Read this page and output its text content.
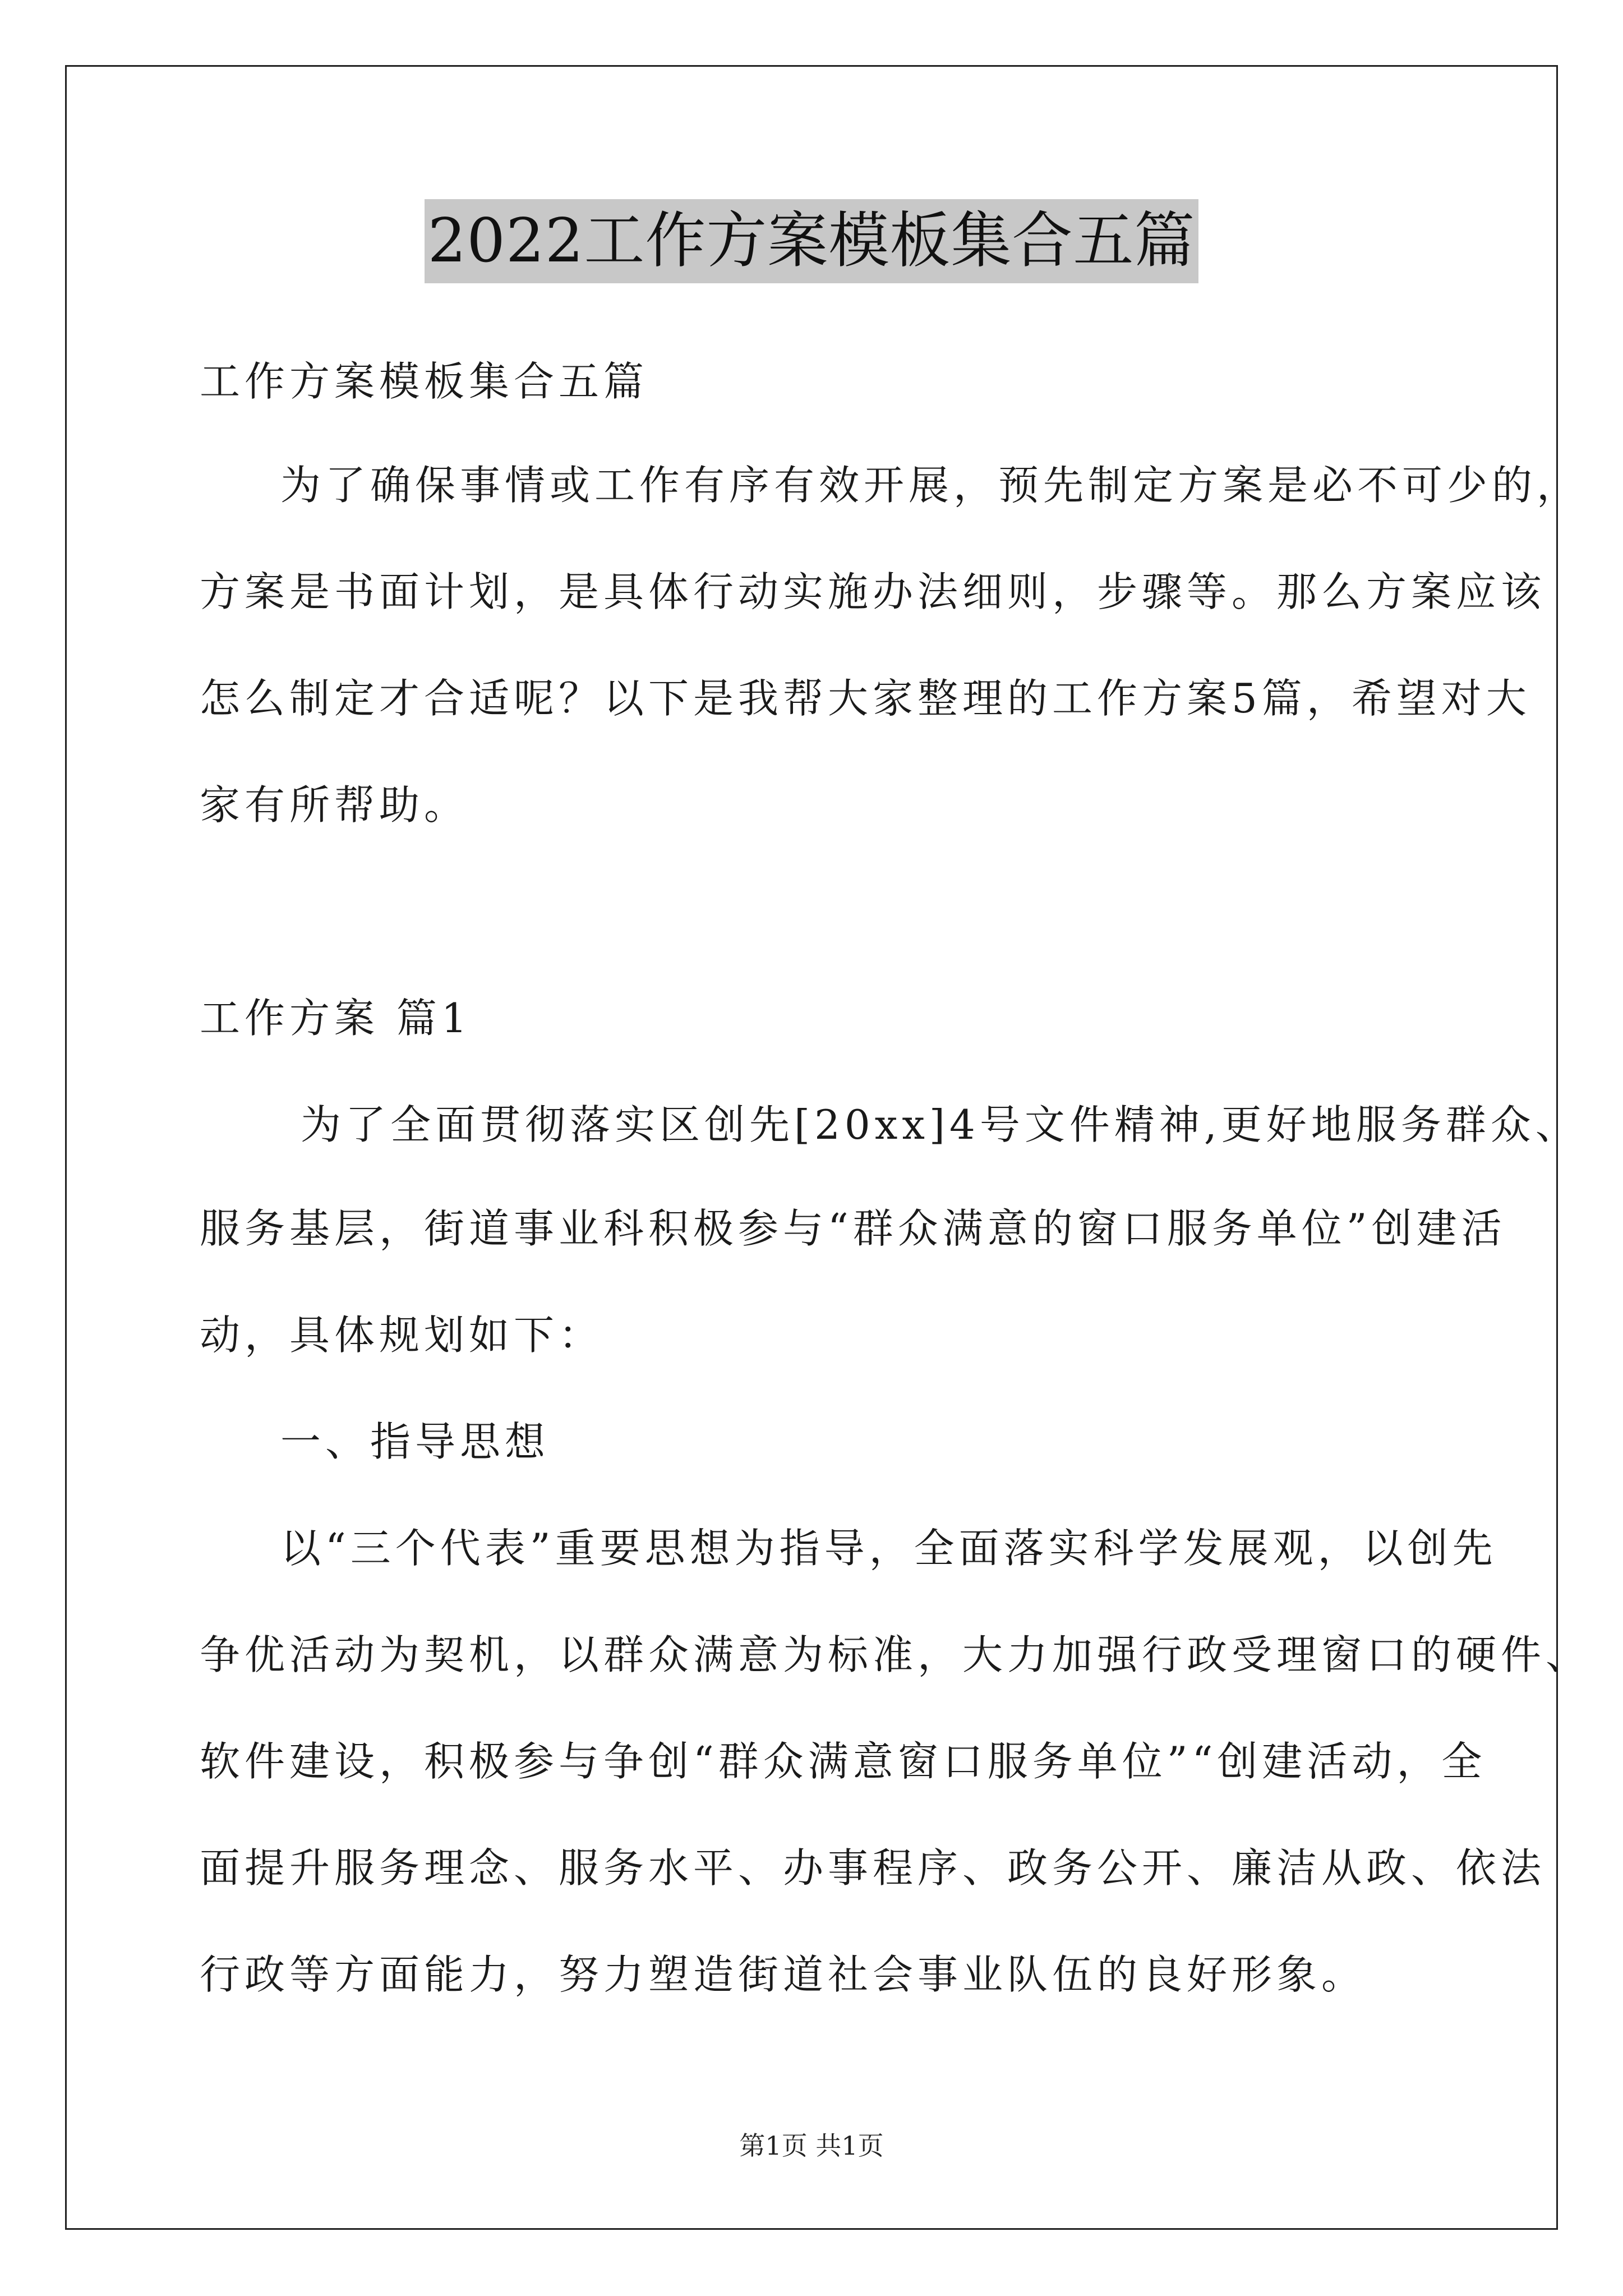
2022工作方案模板集合五篇
工作方案模板集合五篇
为了确保事情或工作有序有效开展，预先制定方案是必不可少的，
方案是书面计划，是具体行动实施办法细则，步骤等。那么方案应该
怎么制定才合适呢？以下是我帮大家整理的工作方案5篇，希望对大
家有所帮助。
工作方案 篇1
为了全面贯彻落实区创先[20xx]4号文件精神,更好地服务群众、
服务基层，街道事业科积极参与“群众满意的窗口服务单位”创建活
动，具体规划如下：
一、指导思想
以“三个代表”重要思想为指导，全面落实科学发展观，以创先
争优活动为契机，以群众满意为标准，大力加强行政受理窗口的硬件、
软件建设，积极参与争创“群众满意窗口服务单位”“创建活动，全
面提升服务理念、服务水平、办事程序、政务公开、廉洁从政、依法
行政等方面能力，努力塑造街道社会事业队伍的良好形象。
第1页 共1页
